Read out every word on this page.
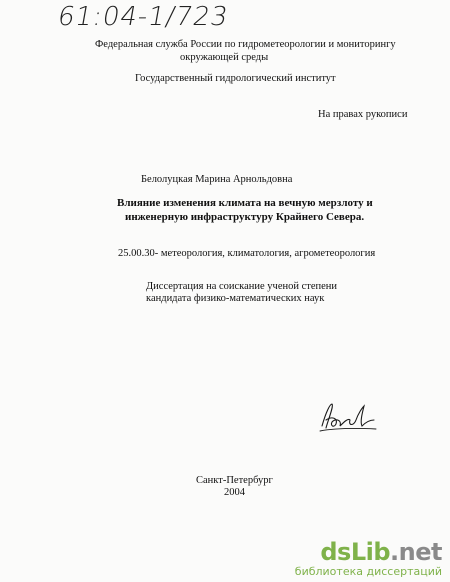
61:04-1/723
Федеральная служба России по гидрометеорологии и мониторингу
окружающей среды
Государственный гидрологический институт
На правах рукописи
Белолуцкая Марина Арнольдовна
Влияние изменения климата на вечную мерзлоту и
инженерную инфраструктуру Крайнего Севера.
25.00.30- метеорология, климатология, агрометеорология
Диссертация на соискание ученой степени
кандидата физико-математических наук
Санкт-Петербург
2004
dsLib.net
библиотека диссертаций
